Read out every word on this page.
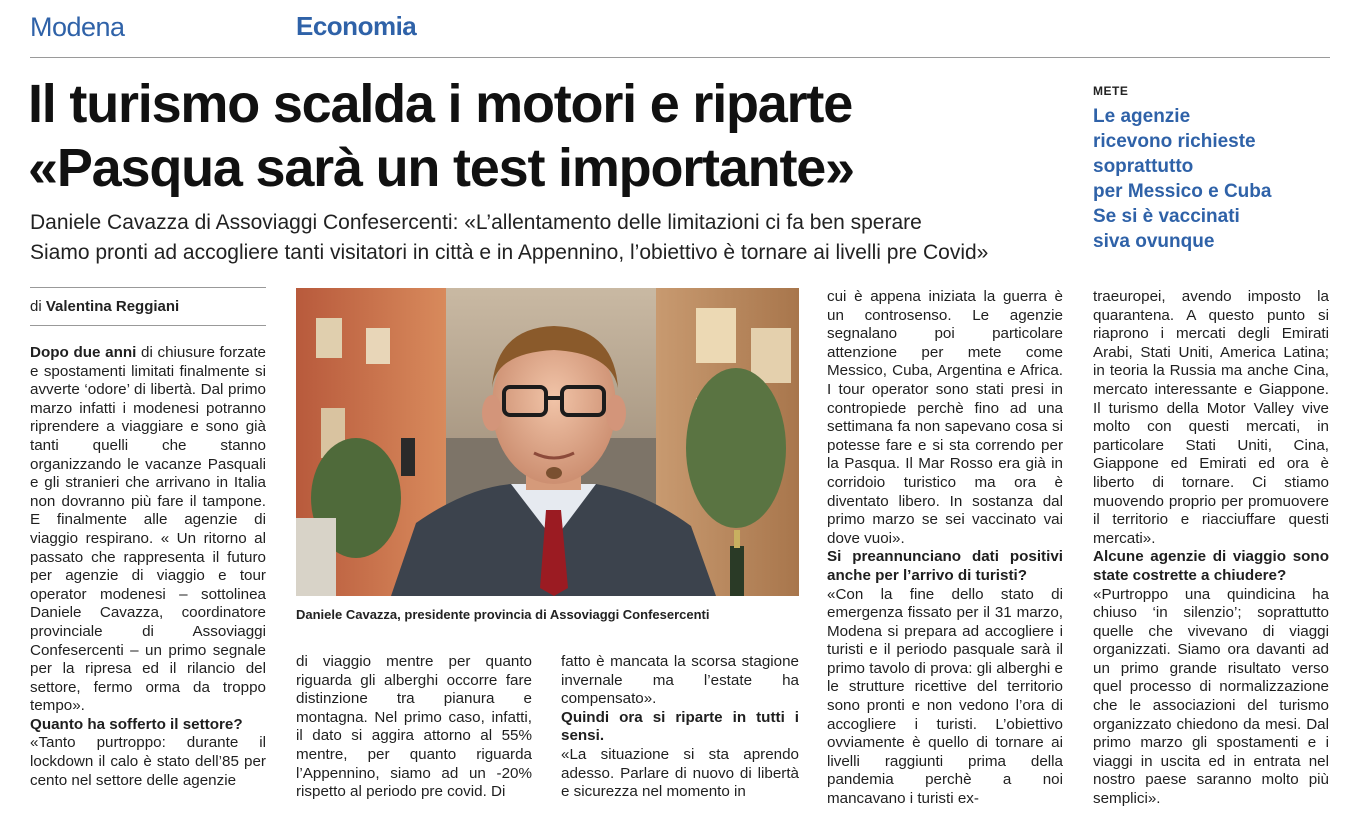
Modena	Economia
Il turismo scalda i motori e riparte
«Pasqua sarà un test importante»
Daniele Cavazza di Assoviaggi Confesercenti: «L’allentamento delle limitazioni ci fa ben sperare
Siamo pronti ad accogliere tanti visitatori in città e in Appennino, l’obiettivo è tornare ai livelli pre Covid»
METE
Le agenzie
ricevono richieste
soprattutto
per Messico e Cuba
Se si è vaccinati
siva ovunque
di Valentina Reggiani

Dopo due anni di chiusure forzate e spostamenti limitati finalmente si avverte ‘odore’ di libertà. Dal primo marzo infatti i modenesi potranno riprendere a viaggiare e sono già tanti quelli che stanno organizzando le vacanze Pasquali e gli stranieri che arrivano in Italia non dovranno più fare il tampone. E finalmente alle agenzie di viaggio respirano. « Un ritorno al passato che rappresenta il futuro per agenzie di viaggio e tour operator modenesi – sottolinea Daniele Cavazza, coordinatore provinciale di Assoviaggi Confesercenti – un primo segnale per la ripresa ed il rilancio del settore, fermo orma da troppo tempo».

Quanto ha sofferto il settore?

«Tanto purtroppo: durante il lockdown il calo è stato dell’85 per cento nel settore delle agenzie

Daniele Cavazza, presidente provincia di Assoviaggi Confesercenti

di viaggio mentre per quanto riguarda gli alberghi occorre fare distinzione tra pianura e montagna. Nel primo caso, infatti, il dato si aggira attorno al 55% mentre, per quanto riguarda l’Appennino, siamo ad un -20% rispetto al periodo pre covid. Di

fatto è mancata la scorsa stagione invernale ma l’estate ha compensato».

Quindi ora si riparte in tutti i sensi.

«La situazione si sta aprendo adesso. Parlare di nuovo di libertà e sicurezza nel momento in

cui è appena iniziata la guerra è un controsenso. Le agenzie segnalano poi particolare attenzione per mete come Messico, Cuba, Argentina e Africa. I tour operator sono stati presi in contropiede perchè fino ad una settimana fa non sapevano cosa si potesse fare e si sta correndo per la Pasqua. Il Mar Rosso era già in corridoio turistico ma ora è diventato libero. In sostanza dal primo marzo se sei vaccinato vai dove vuoi».

Si preannunciano dati positivi anche per l’arrivo di turisti?

«Con la fine dello stato di emergenza fissato per il 31 marzo, Modena si prepara ad accogliere i turisti e il periodo pasquale sarà il primo tavolo di prova: gli alberghi e le strutture ricettive del territorio sono pronti e non vedono l’ora di accogliere i turisti. L’obiettivo ovviamente è quello di tornare ai livelli raggiunti prima della pandemia perchè a noi mancavano i turisti ex-

traeuropei, avendo imposto la quarantena. A questo punto si riaprono i mercati degli Emirati Arabi, Stati Uniti, America Latina; in teoria la Russia ma anche Cina, mercato interessante e Giappone. Il turismo della Motor Valley vive molto con questi mercati, in particolare Stati Uniti, Cina, Giappone ed Emirati ed ora è liberto di tornare. Ci stiamo muovendo proprio per promuovere il territorio e riacciuffare questi mercati».

Alcune agenzie di viaggio sono state costrette a chiudere?

«Purtroppo una quindicina ha chiuso ‘in silenzio’; soprattutto quelle che vivevano di viaggi organizzati. Siamo ora davanti ad un primo grande risultato verso quel processo di normalizzazione che le associazioni del turismo organizzato chiedono da mesi. Dal primo marzo gli spostamenti e i viaggi in uscita ed in entrata nel nostro paese saranno molto più semplici».
